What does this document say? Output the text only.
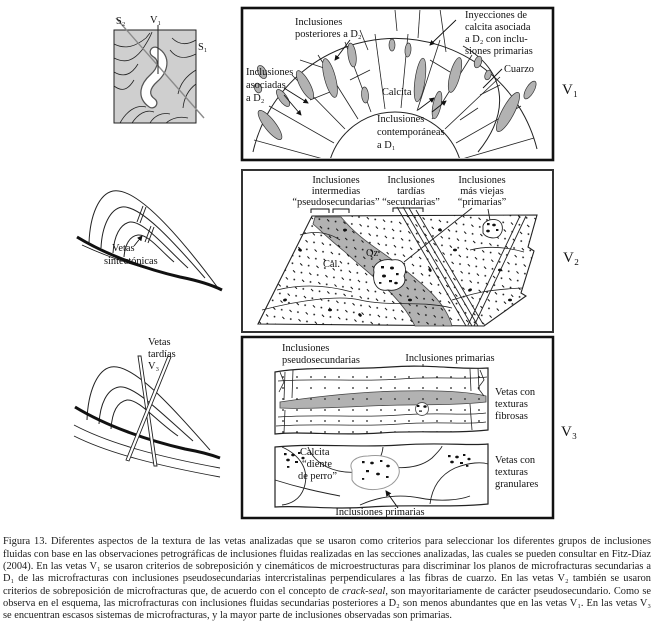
S₂ V₁
S₁
Inclusiones
posteriores a D₂
Inyecciones de
calcita asociada
a D₂ con inclu-
siones primarias
Inclusiones
asociadas
a D₂
Calcita
Cuarzo
Inclusiones
contemporáneas
a D₁
V₁
Vetas
sintectónicas
Inclusiones
intermedias
“pseudosecundarias”
Inclusiones
tardías
“secundarias”
Inclusiones
más viejas
“primarias”
Cal.
Qz	V₂
Vetas
tardías
V₃
Inclusiones
pseudosecundarias	Inclusiones primarias
Vetas con
texturas
fibrosas
Calcita
“diente
de perro”
Vetas con
texturas
granulares
Inclusiones primarias
V₃

Figura 13. Diferentes aspectos de la textura de las vetas analizadas que se usaron como criterios para seleccionar los diferentes grupos de inclusiones fluidas con base en las observaciones petrográficas de inclusiones fluidas realizadas en las secciones analizadas, las cuales se pueden consultar en Fitz-Díaz (2004). En las vetas V₁ se usaron criterios de sobreposición y cinemáticos de microestructuras para discriminar los planos de microfracturas secundarias a D₁ de las microfracturas con inclusiones pseudosecundarias intercristalinas perpendiculares a las fibras de cuarzo. En las vetas V₂ también se usaron criterios de sobreposición de microfracturas que, de acuerdo con el concepto de crack-seal, son mayoritariamente de carácter pseudosecundario. Como se observa en el esquema, las microfracturas con inclusiones fluidas secundarias posteriores a D₂ son menos abundantes que en las vetas V₁. En las vetas V₃ se encuentran escasos sistemas de microfracturas, y la mayor parte de inclusiones observadas son primarias.
